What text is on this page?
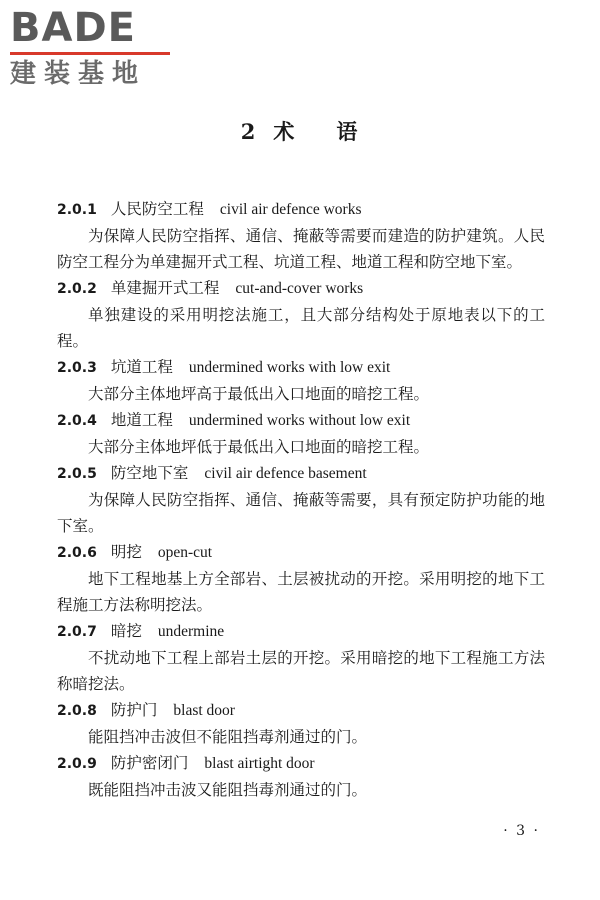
BADE
建装基地
2 术 语
2.0.1 人民防空工程 civil air defence works
为保障人民防空指挥、通信、掩蔽等需要而建造的防护建筑。人民防空工程分为单建掘开式工程、坑道工程、地道工程和防空地下室。
2.0.2 单建掘开式工程 cut-and-cover works
单独建设的采用明挖法施工，且大部分结构处于原地表以下的工程。
2.0.3 坑道工程 undermined works with low exit
大部分主体地坪高于最低出入口地面的暗挖工程。
2.0.4 地道工程 undermined works without low exit
大部分主体地坪低于最低出入口地面的暗挖工程。
2.0.5 防空地下室 civil air defence basement
为保障人民防空指挥、通信、掩蔽等需要，具有预定防护功能的地下室。
2.0.6 明挖 open-cut
地下工程地基上方全部岩、土层被扰动的开挖。采用明挖的地下工程施工方法称明挖法。
2.0.7 暗挖 undermine
不扰动地下工程上部岩土层的开挖。采用暗挖的地下工程施工方法称暗挖法。
2.0.8 防护门 blast door
能阻挡冲击波但不能阻挡毒剂通过的门。
2.0.9 防护密闭门 blast airtight door
既能阻挡冲击波又能阻挡毒剂通过的门。
· 3 ·
